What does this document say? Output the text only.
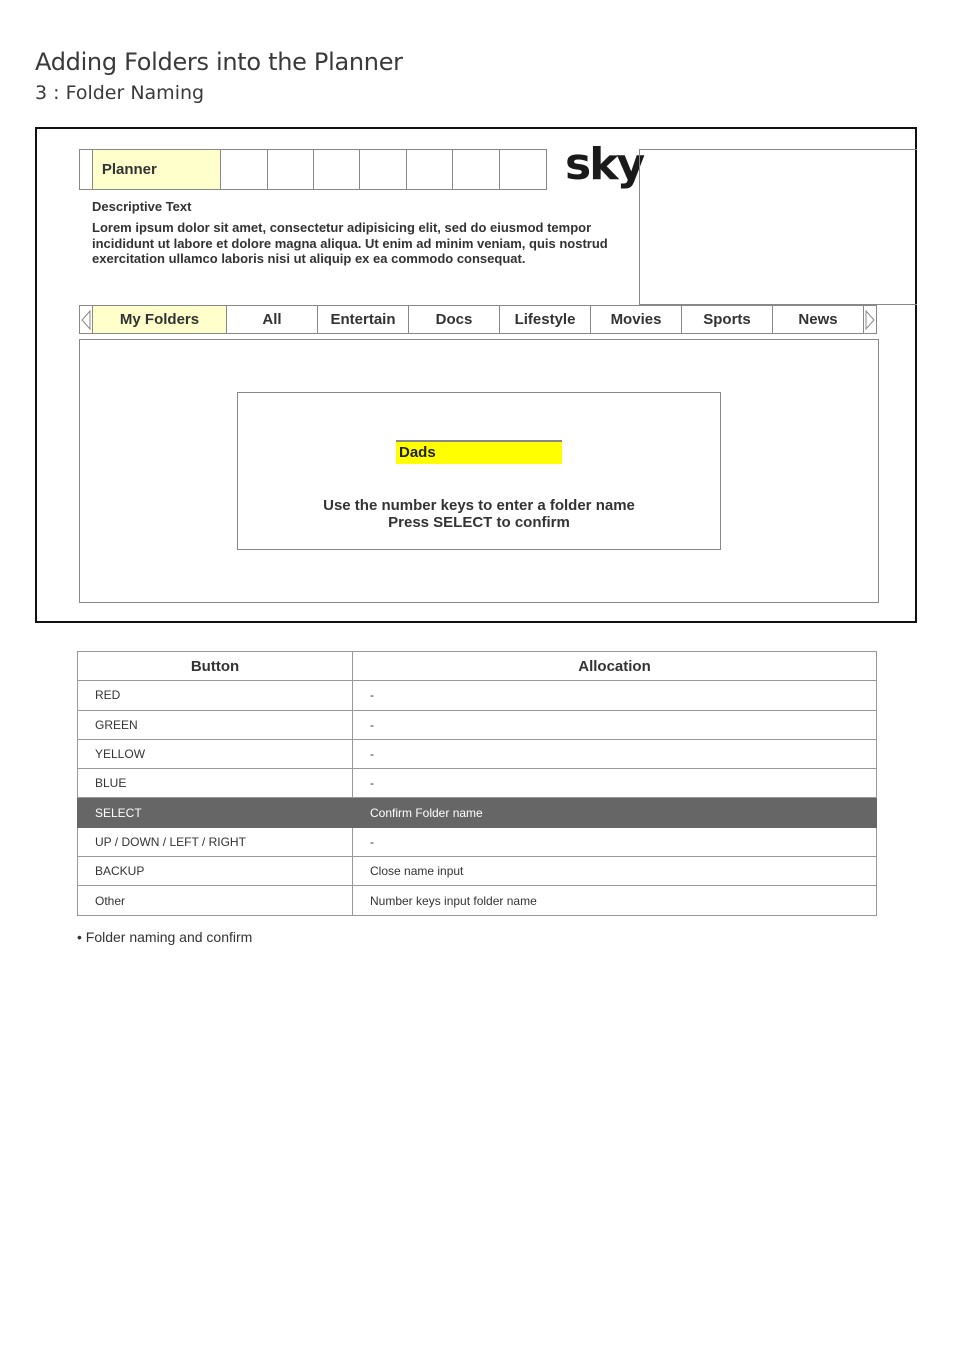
Adding Folders into the Planner
3 : Folder Naming
Planner	sky
Descriptive Text
Lorem ipsum dolor sit amet, consectetur adipisicing elit, sed do eiusmod tempor incididunt ut labore et dolore magna aliqua. Ut enim ad minim veniam, quis nostrud exercitation ullamco laboris nisi ut aliquip ex ea commodo consequat.
My Folders	All	Entertain	Docs	Lifestyle	Movies	Sports	News
Dads
Use the number keys to enter a folder name
Press SELECT to confirm
Button	Allocation
RED	-
GREEN	-
YELLOW	-
BLUE	-
SELECT	Confirm Folder name
UP / DOWN / LEFT / RIGHT	-
BACKUP	Close name input
Other	Number keys input folder name
• Folder naming and confirm
